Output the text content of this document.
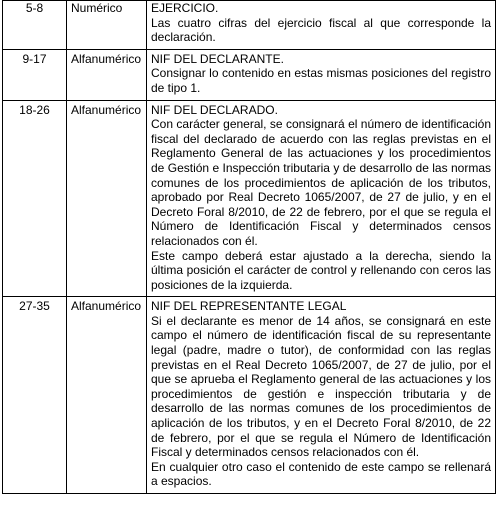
5-8	Numérico	EJERCICIO.

Las cuatro cifras del ejercicio fiscal al que corresponde la declaración.

9-17	Alfanumérico	NIF DEL DECLARANTE.

Consignar lo contenido en estas mismas posiciones del registro de tipo 1.

18-26	Alfanumérico	NIF DEL DECLARADO.

Con carácter general, se consignará el número de identificación fiscal del declarado de acuerdo con las reglas previstas en el Reglamento General de las actuaciones y los procedimientos de Gestión e Inspección tributaria y de desarrollo de las normas comunes de los procedimientos de aplicación de los tributos, aprobado por Real Decreto 1065/2007, de 27 de julio, y en el Decreto Foral 8/2010, de 22 de febrero, por el que se regula el Número de Identificación Fiscal y determinados censos relacionados con él.

Este campo deberá estar ajustado a la derecha, siendo la última posición el carácter de control y rellenando con ceros las posiciones de la izquierda.

27-35	Alfanumérico	NIF DEL REPRESENTANTE LEGAL

Si el declarante es menor de 14 años, se consignará en este campo el número de identificación fiscal de su representante legal (padre, madre o tutor), de conformidad con las reglas previstas en el Real Decreto 1065/2007, de 27 de julio, por el que se aprueba el Reglamento general de las actuaciones y los procedimientos de gestión e inspección tributaria y de desarrollo de las normas comunes de los procedimientos de aplicación de los tributos, y en el Decreto Foral 8/2010, de 22 de febrero, por el que se regula el Número de Identificación Fiscal y determinados censos relacionados con él.

En cualquier otro caso el contenido de este campo se rellenará a espacios.
